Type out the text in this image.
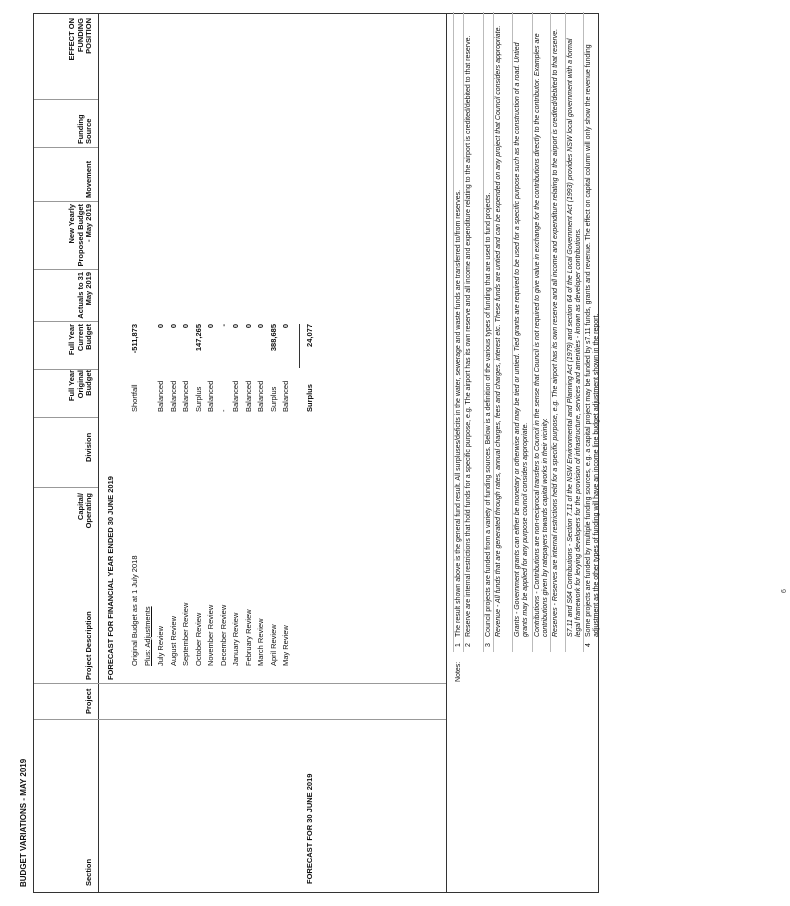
BUDGET VARIATIONS - MAY 2019	Section
Project
Project Description
Capital/ Operating
Division
Full Year Original Budget
Full Year Current Budget
Actuals to 31 May 2019
New Yearly Proposed Budget - May 2019
Movement
Funding Source
EFFECT ON FUNDING POSITION
FORECAST FOR FINANCIAL YEAR ENDED 30 JUNE 2019 Original Budget as at 1 July 2018
Shortfall
-511,873
Plus: Adjustments July Review
Balanced
0
August Review
Balanced
0
September Review
Balanced
0
October Review
Surplus
147,265
November Review
Balanced
0
December Review
-
-
January Review
Balanced
0
February Review
Balanced
0
March Review
Balanced
0
April Review
Surplus
388,685
May Review
Balanced
0
FORECAST FOR 30 JUNE 2019
Surplus
24,077
Notes:
1
The result shown above is the general fund result. All surpluses/deficits in the water, sewerage and waste funds are transferred to/from reserves.
2
Reserve are internal restrictions that hold funds for a specific purpose, e.g. The airport has its own reserve and all income and expenditure relating to the airport is credited/debited to that reserve.
3
Council projects are funded from a variety of funding sources. Below is a definition of the various types of funding that are used to fund projects. Revenue - All funds that are generated through rates, annual charges, fees and charges, interest etc. These funds are untied and can be expended on any project that Council considers appropriate. Grants - Government grants can either be monetary or otherwise and may be tied or untied. Tied grants are required to be used for a specific purpose such as the construction of a road. Untied grants may be applied for any purpose council considers appropriate. Contributions - Contributions are non-reciprocal transfers to Council in the sense that Council is not required to give value in exchange for the contributions directly to the contributor. Examples are contributions given by ratepayers towards capital works in their vicinity. Reserves - Reserves are internal restrictions held for a specific purpose, e.g. The airport has its own reserve and all income and expenditure relating to the airport is credited/debited to that reserve. S7.11 and S64 Contributions - Section 7.11 of the NSW Environmental and Planning Act (1979) and section 64 of the Local Government Act (1993) provides NSW local government with a formal legal framework for levying developers for the provision of infrastructure, services and amenities - known as developer contributions.
4
Some projects are funded by multiple funding sources, e.g. a capital project may be funded by s7.11 funds, grants and revenue. The effect on capital column will only show the revenue funding adjustment as the other types of funding will have an income line budget adjustment shown in the report.	6
